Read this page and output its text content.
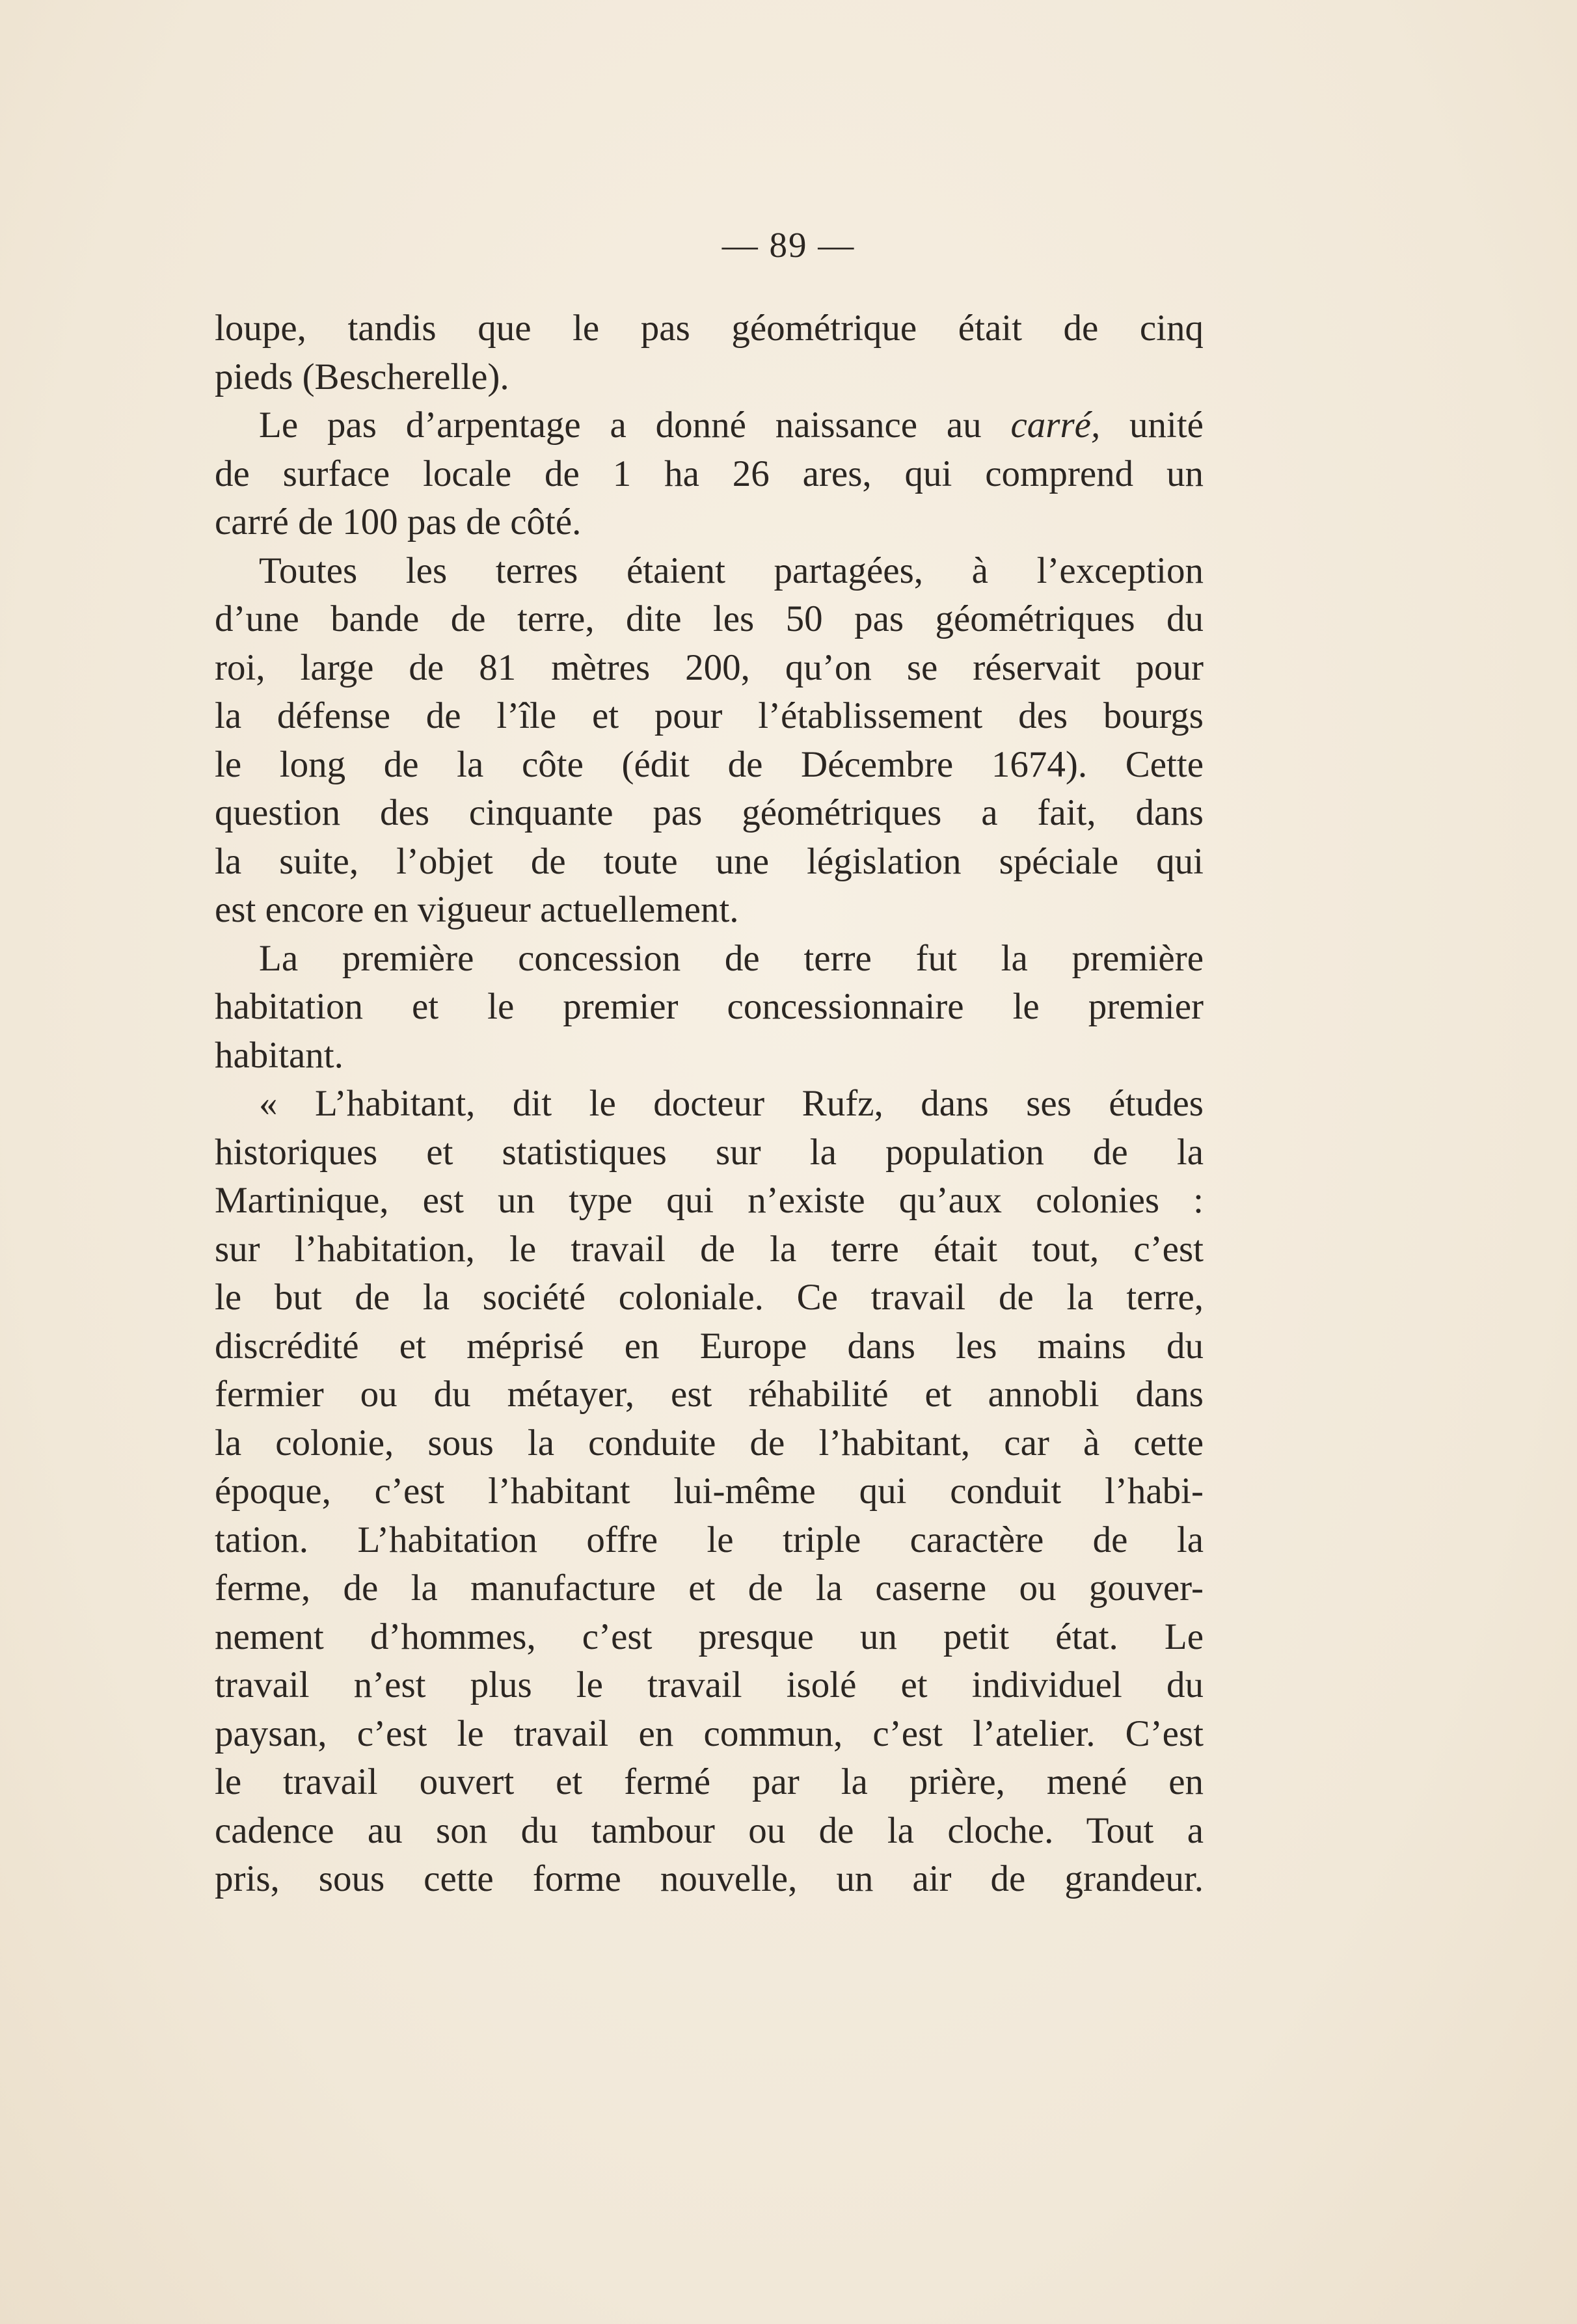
— 89 —
loupe, tandis que le pas géométrique était de cinq
pieds (Bescherelle).
Le pas d’arpentage a donné naissance au carré, unité
de surface locale de 1 ha 26 ares, qui comprend un
carré de 100 pas de côté.
Toutes les terres étaient partagées, à l’exception
d’une bande de terre, dite les 50 pas géométriques du
roi, large de 81 mètres 200, qu’on se réservait pour
la défense de l’île et pour l’établissement des bourgs
le long de la côte (édit de Décembre 1674). Cette
question des cinquante pas géométriques a fait, dans
la suite, l’objet de toute une législation spéciale qui
est encore en vigueur actuellement.
La première concession de terre fut la première
habitation et le premier concessionnaire le premier
habitant.
« L’habitant, dit le docteur Rufz, dans ses études
historiques et statistiques sur la population de la
Martinique, est un type qui n’existe qu’aux colonies :
sur l’habitation, le travail de la terre était tout, c’est
le but de la société coloniale. Ce travail de la terre,
discrédité et méprisé en Europe dans les mains du
fermier ou du métayer, est réhabilité et annobli dans
la colonie, sous la conduite de l’habitant, car à cette
époque, c’est l’habitant lui-même qui conduit l’habi-
tation. L’habitation offre le triple caractère de la
ferme, de la manufacture et de la caserne ou gouver-
nement d’hommes, c’est presque un petit état. Le
travail n’est plus le travail isolé et individuel du
paysan, c’est le travail en commun, c’est l’atelier. C’est
le travail ouvert et fermé par la prière, mené en
cadence au son du tambour ou de la cloche. Tout a
pris, sous cette forme nouvelle, un air de grandeur.
